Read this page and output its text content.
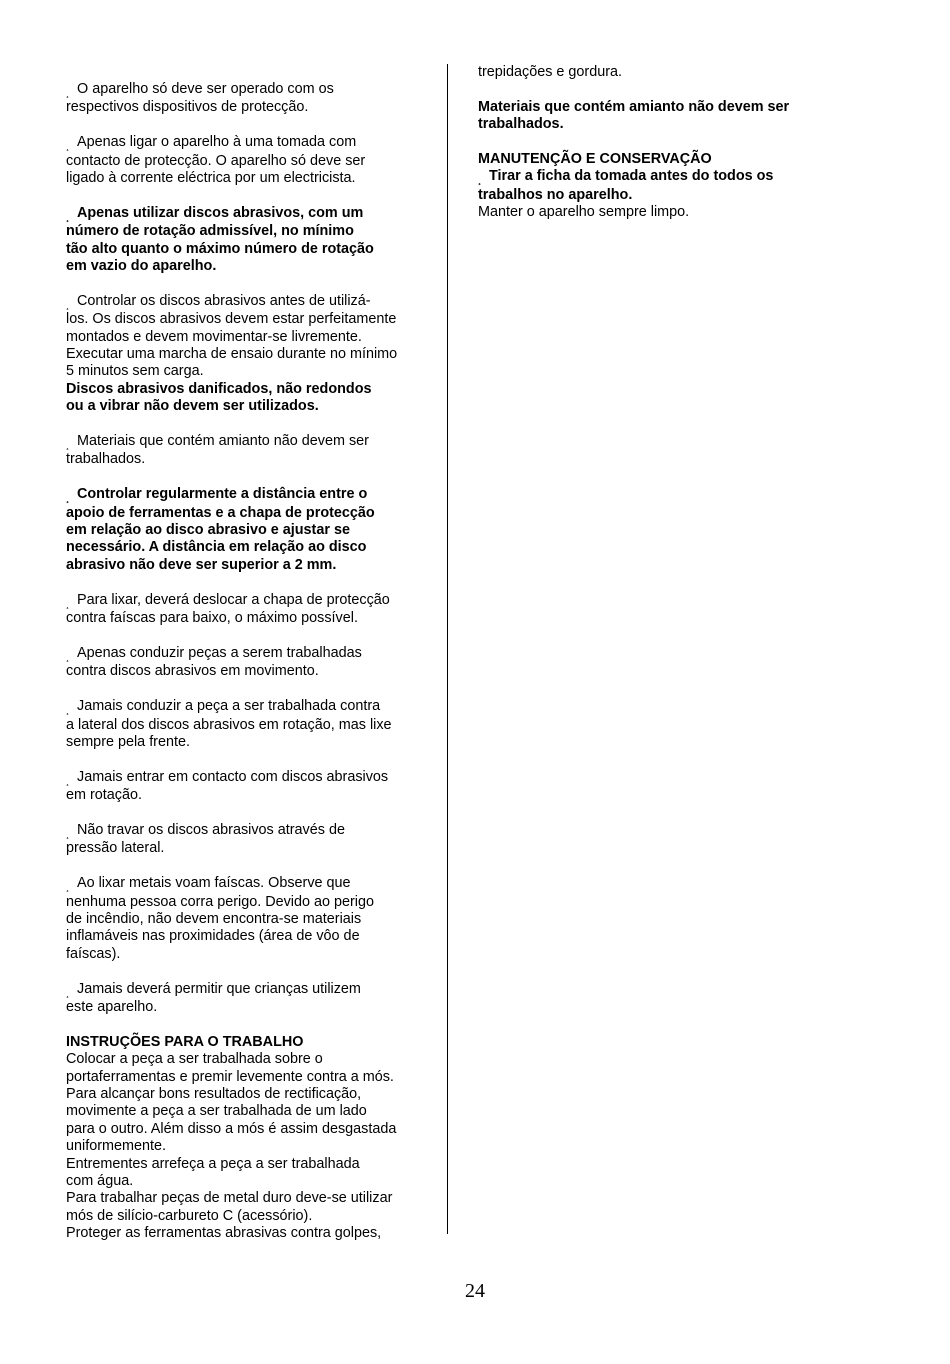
¸ O aparelho só deve ser operado com os
respectivos dispositivos de protecção.
¸ Apenas ligar o aparelho à uma tomada com
contacto de protecção. O aparelho só deve ser
ligado à corrente eléctrica por um electricista.
¸ Apenas utilizar discos abrasivos, com um
número de rotação admissível, no mínimo
tão alto quanto o máximo número de rotação
em vazio do aparelho.
¸ Controlar os discos abrasivos antes de utilizá-
los. Os discos abrasivos devem estar perfeitamente
montados e devem movimentar-se livremente.
Executar uma marcha de ensaio durante no mínimo
5 minutos sem carga.
Discos abrasivos danificados, não redondos
ou a vibrar não devem ser utilizados.
¸ Materiais que contém amianto não devem ser
trabalhados.
¸ Controlar regularmente a distância entre o
apoio de ferramentas e a chapa de protecção
em relação ao disco abrasivo e ajustar se
necessário. A distância em relação ao disco
abrasivo não deve ser superior a 2 mm.
¸ Para lixar, deverá deslocar a chapa de protecção
contra faíscas para baixo, o máximo possível.
¸ Apenas conduzir peças a serem trabalhadas
contra discos abrasivos em movimento.
¸ Jamais conduzir a peça a ser trabalhada contra
a lateral dos discos abrasivos em rotação, mas lixe
sempre pela frente.
¸ Jamais entrar em contacto com discos abrasivos
em rotação.
¸ Não travar os discos abrasivos através de
pressão lateral.
¸ Ao lixar metais voam faíscas. Observe que
nenhuma pessoa corra perigo. Devido ao perigo
de incêndio, não devem encontra-se materiais
inflamáveis nas proximidades (área de vôo de
faíscas).
¸ Jamais deverá permitir que crianças utilizem
este aparelho.
INSTRUÇÕES PARA O TRABALHO
Colocar a peça a ser trabalhada sobre o
portaferramentas e premir levemente contra a mós.
Para alcançar bons resultados de rectificação,
movimente a peça a ser trabalhada de um lado
para o outro. Além disso a mós é assim desgastada
uniformemente.
Entrementes arrefeça a peça a ser trabalhada
com água.
Para trabalhar peças de metal duro deve-se utilizar
mós de silício-carbureto C (acessório).
Proteger as ferramentas abrasivas contra golpes,
trepidações e gordura.
Materiais que contém amianto não devem ser
trabalhados.
MANUTENÇÃO E CONSERVAÇÃO
¸ Tirar a ficha da tomada antes do todos os
trabalhos no aparelho.
Manter o aparelho sempre limpo.
24
